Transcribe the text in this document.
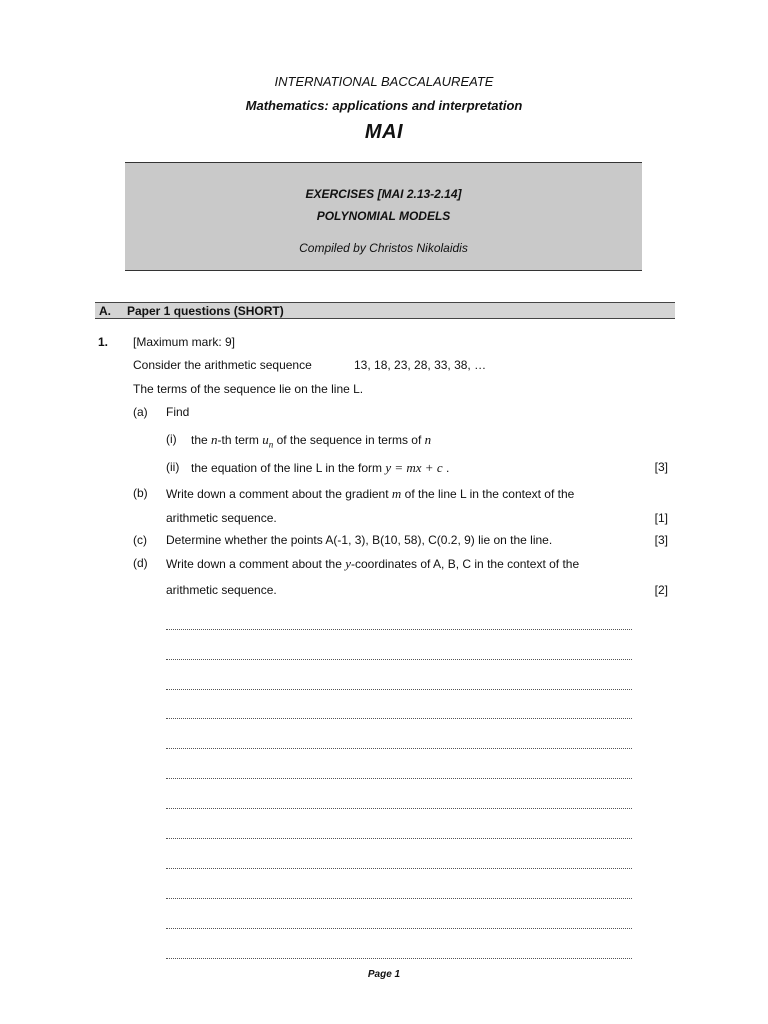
INTERNATIONAL BACCALAUREATE
Mathematics: applications and interpretation
MAI
EXERCISES [MAI 2.13-2.14]
POLYNOMIAL MODELS
Compiled by Christos Nikolaidis
A. Paper 1 questions (SHORT)
1. [Maximum mark: 9]
Consider the arithmetic sequence	13, 18, 23, 28, 33, 38, …
The terms of the sequence lie on the line L.
(a) Find
(i) the n-th term $u_n$ of the sequence in terms of n
(ii) the equation of the line L in the form y = mx + c .	[3]
(b) Write down a comment about the gradient m of the line L in the context of the
arithmetic sequence.	[1]
(c) Determine whether the points A(-1, 3), B(10, 58), C(0.2, 9) lie on the line.	[3]
(d) Write down a comment about the y-coordinates of A, B, C in the context of the
arithmetic sequence.	[2]
Page 1
